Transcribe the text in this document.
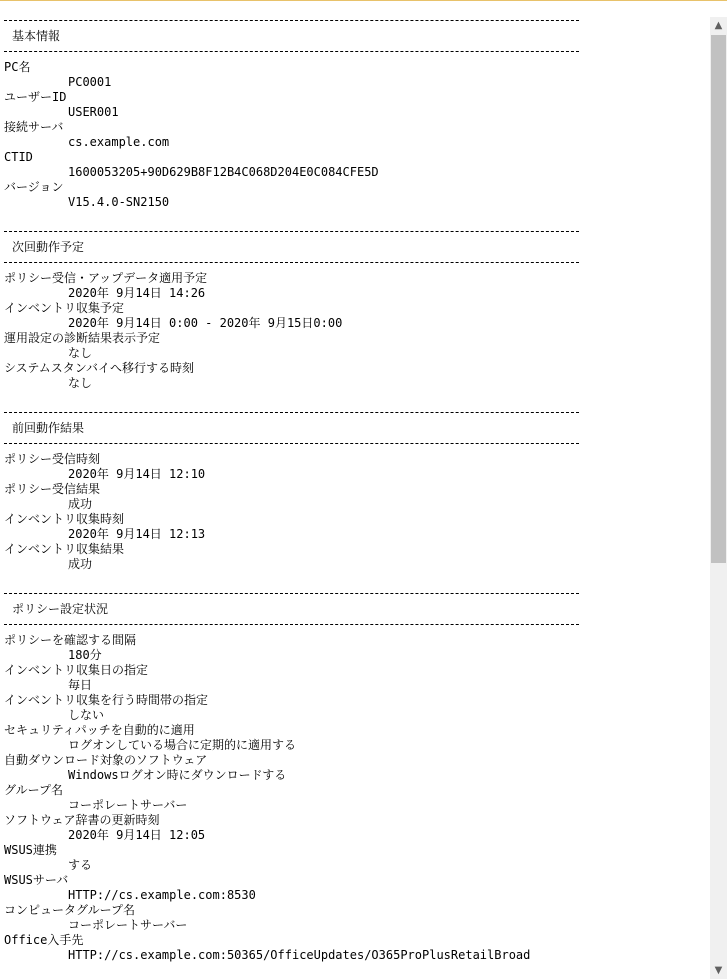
基本情報
PC名
PC0001
ユーザーID
USER001
接続サーバ
cs.example.com
CTID
1600053205+90D629B8F12B4C068D204E0C084CFE5D
バージョン
V15.4.0-SN2150
次回動作予定
ポリシー受信・アップデータ適用予定
2020年 9月14日 14:26
インベントリ収集予定
2020年 9月14日 0:00 - 2020年 9月15日0:00
運用設定の診断結果表示予定
なし
システムスタンバイへ移行する時刻
なし
前回動作結果
ポリシー受信時刻
2020年 9月14日 12:10
ポリシー受信結果
成功
インベントリ収集時刻
2020年 9月14日 12:13
インベントリ収集結果
成功
ポリシー設定状況
ポリシーを確認する間隔
180分
インベントリ収集日の指定
毎日
インベントリ収集を行う時間帯の指定
しない
セキュリティパッチを自動的に適用
ログオンしている場合に定期的に適用する
自動ダウンロード対象のソフトウェア
Windowsログオン時にダウンロードする
グループ名
コーポレートサーバー
ソフトウェア辞書の更新時刻
2020年 9月14日 12:05
WSUS連携
する
WSUSサーバ
HTTP://cs.example.com:8530
コンピュータグループ名
コーポレートサーバー
Office入手先
HTTP://cs.example.com:50365/OfficeUpdates/O365ProPlusRetailBroad
▲
▼
